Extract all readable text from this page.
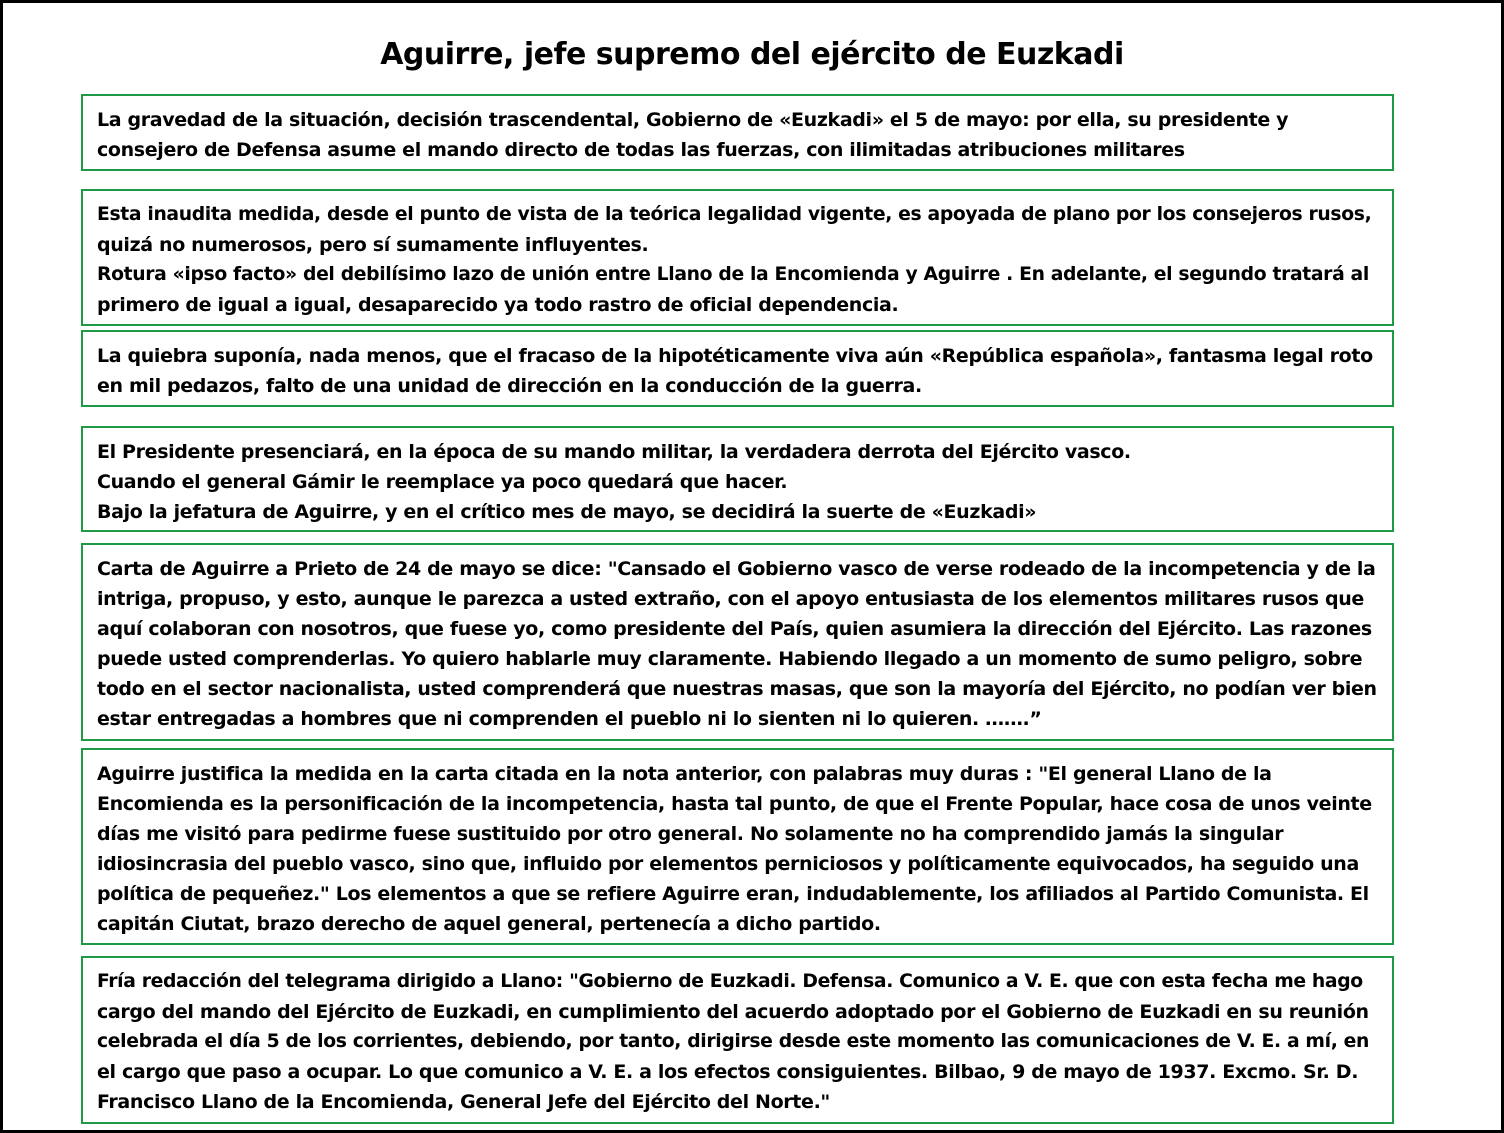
Aguirre, jefe supremo del ejército de Euzkadi
La gravedad de la situación, decisión trascendental, Gobierno de «Euzkadi» el 5 de mayo: por ella, su presidente y
consejero de Defensa asume el mando directo de todas las fuerzas, con ilimitadas atribuciones militares
Esta inaudita medida, desde el punto de vista de la teórica legalidad vigente, es apoyada de plano por los consejeros rusos,
quizá no numerosos, pero sí sumamente influyentes.
Rotura «ipso facto» del debilísimo lazo de unión entre Llano de la Encomienda y Aguirre . En adelante, el segundo tratará al
primero de igual a igual, desaparecido ya todo rastro de oficial dependencia.
La quiebra suponía, nada menos, que el fracaso de la hipotéticamente viva aún «República española», fantasma legal roto
en mil pedazos, falto de una unidad de dirección en la conducción de la guerra.
El Presidente presenciará, en la época de su mando militar, la verdadera derrota del Ejército vasco.
Cuando el general Gámir le reemplace ya poco quedará que hacer.
Bajo la jefatura de Aguirre, y en el crítico mes de mayo, se decidirá la suerte de «Euzkadi»
Carta de Aguirre a Prieto de 24 de mayo se dice: "Cansado el Gobierno vasco de verse rodeado de la incompetencia y de la
intriga, propuso, y esto, aunque le parezca a usted extraño, con el apoyo entusiasta de los elementos militares rusos que
aquí colaboran con nosotros, que fuese yo, como presidente del País, quien asumiera la dirección del Ejército. Las razones
puede usted comprenderlas. Yo quiero hablarle muy claramente. Habiendo llegado a un momento de sumo peligro, sobre
todo en el sector nacionalista, usted comprenderá que nuestras masas, que son la mayoría del Ejército, no podían ver bien
estar entregadas a hombres que ni comprenden el pueblo ni lo sienten ni lo quieren. …….”
Aguirre justifica la medida en la carta citada en la nota anterior, con palabras muy duras : "El general Llano de la
Encomienda es la personificación de la incompetencia, hasta tal punto, de que el Frente Popular, hace cosa de unos veinte
días me visitó para pedirme fuese sustituido por otro general. No solamente no ha comprendido jamás la singular
idiosincrasia del pueblo vasco, sino que, influido por elementos perniciosos y políticamente equivocados, ha seguido una
política de pequeñez." Los elementos a que se refiere Aguirre eran, indudablemente, los afiliados al Partido Comunista. El
capitán Ciutat, brazo derecho de aquel general, pertenecía a dicho partido.
Fría redacción del telegrama dirigido a Llano: "Gobierno de Euzkadi. Defensa. Comunico a V. E. que con esta fecha me hago
cargo del mando del Ejército de Euzkadi, en cumplimiento del acuerdo adoptado por el Gobierno de Euzkadi en su reunión
celebrada el día 5 de los corrientes, debiendo, por tanto, dirigirse desde este momento las comunicaciones de V. E. a mí, en
el cargo que paso a ocupar. Lo que comunico a V. E. a los efectos consiguientes. Bilbao, 9 de mayo de 1937. Excmo. Sr. D.
Francisco Llano de la Encomienda, General Jefe del Ejército del Norte."
